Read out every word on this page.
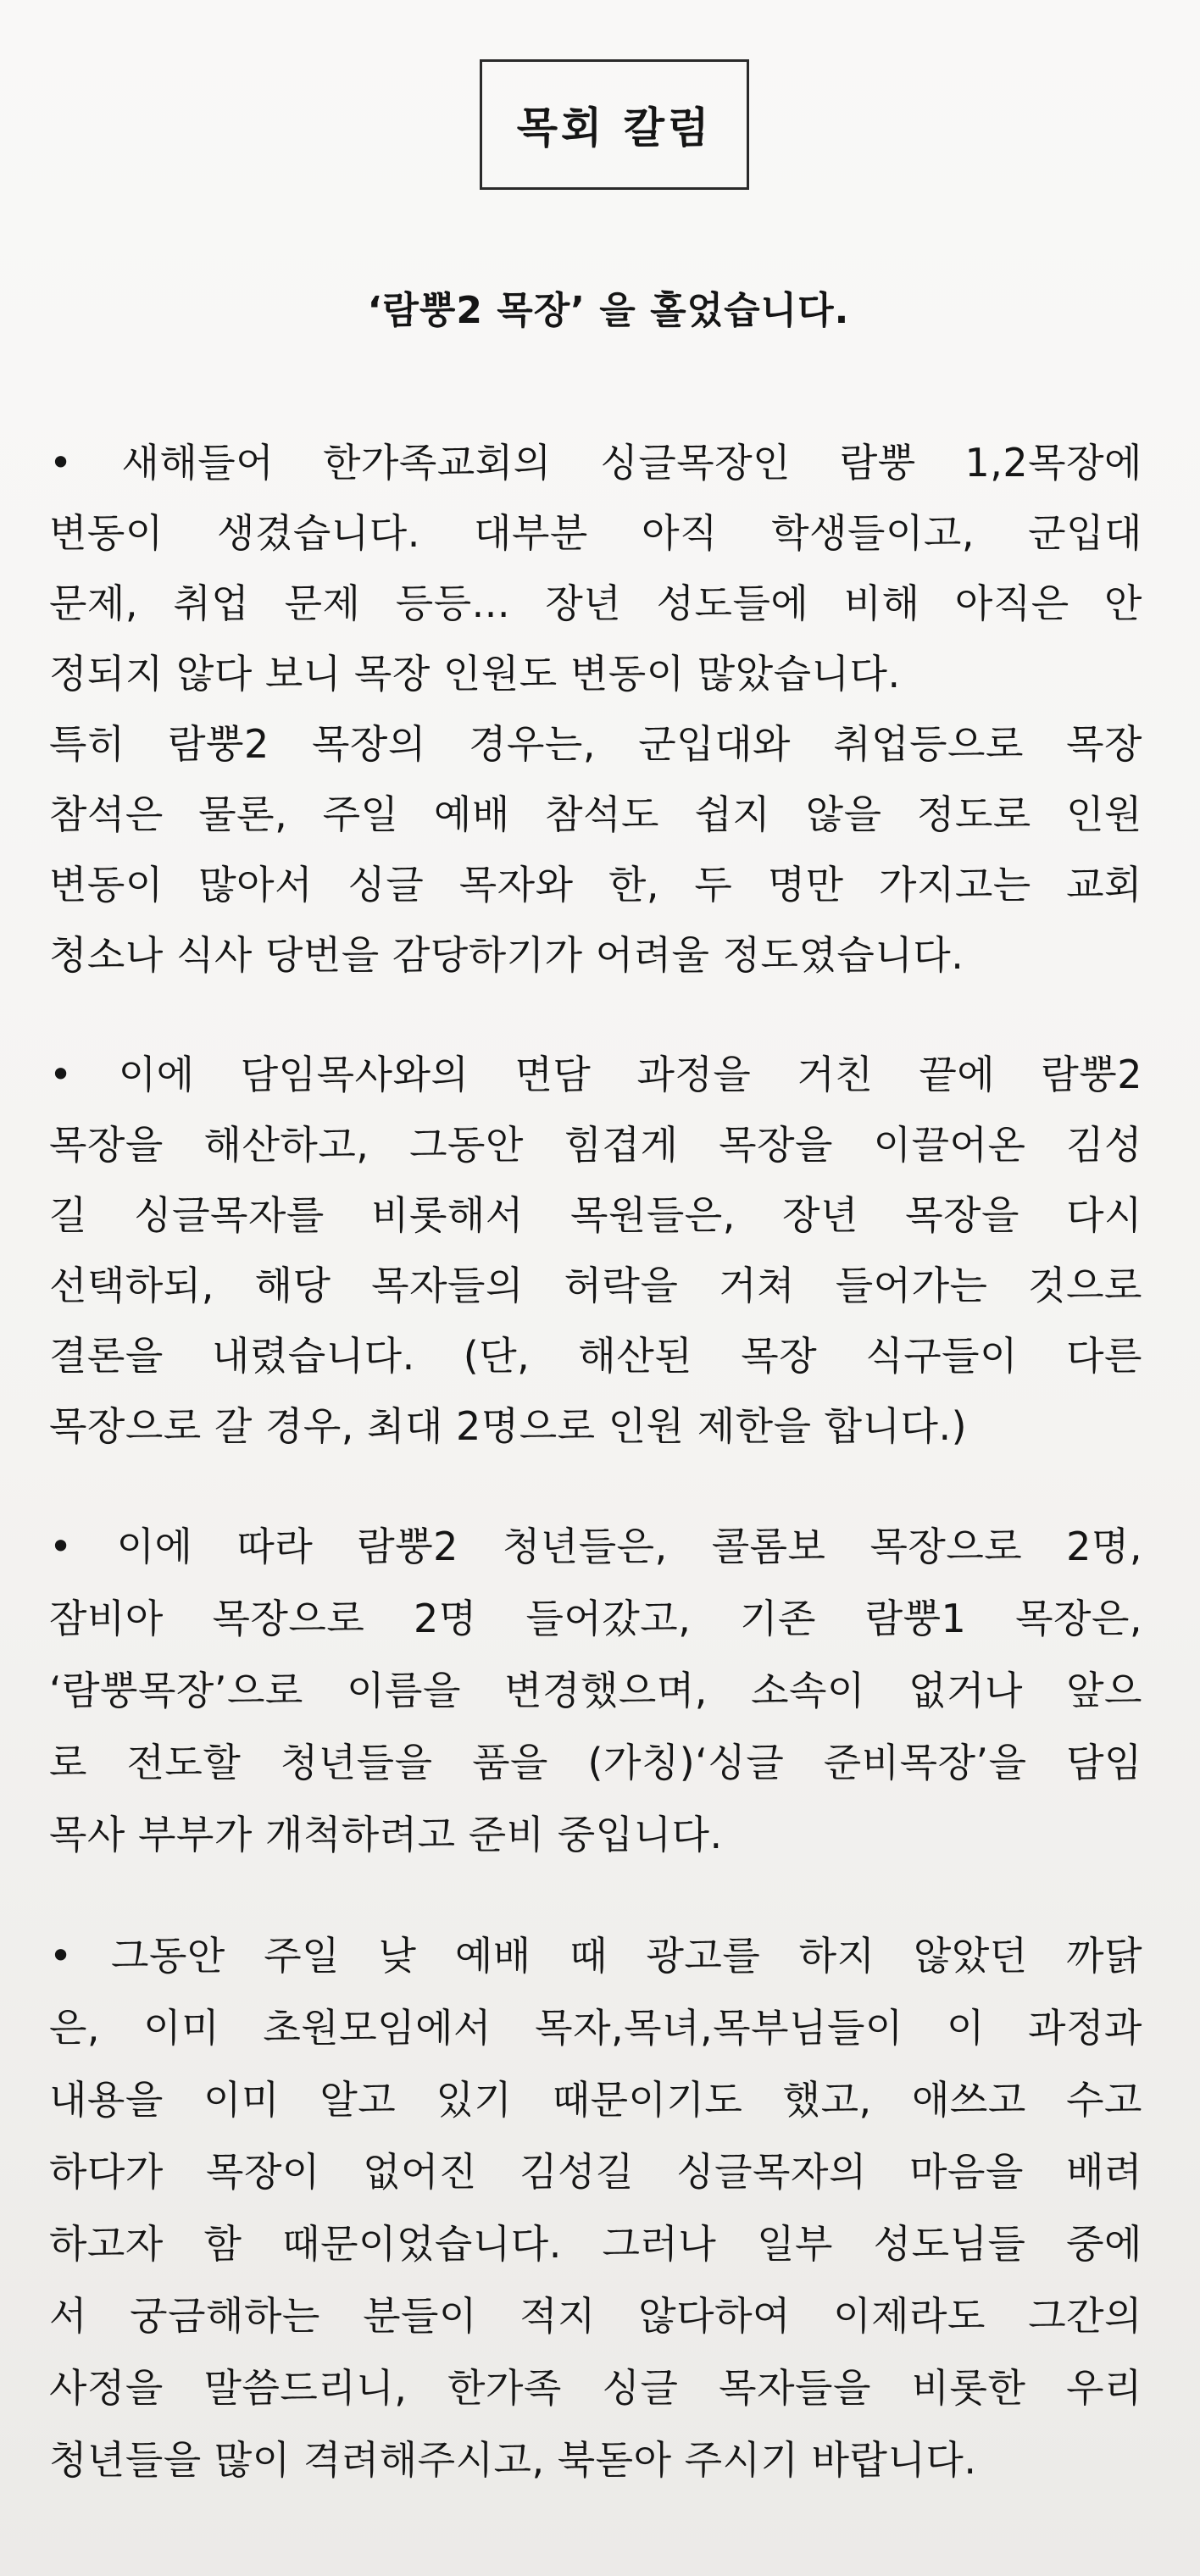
목회 칼럼
‘람뿡2 목장’ 을 홀었습니다.
• 새해들어 한가족교회의 싱글목장인 람뿡 1,2목장에
변동이 생겼습니다. 대부분 아직 학생들이고, 군입대
문제, 취업 문제 등등... 장년 성도들에 비해 아직은 안
정되지 않다 보니 목장 인원도 변동이 많았습니다.
특히 람뿡2 목장의 경우는, 군입대와 취업등으로 목장
참석은 물론, 주일 예배 참석도 쉽지 않을 정도로 인원
변동이 많아서 싱글 목자와 한, 두 명만 가지고는 교회
청소나 식사 당번을 감당하기가 어려울 정도였습니다.
• 이에 담임목사와의 면담 과정을 거친 끝에 람뿡2
목장을 해산하고, 그동안 힘겹게 목장을 이끌어온 김성
길 싱글목자를 비롯해서 목원들은, 장년 목장을 다시
선택하되, 해당 목자들의 허락을 거쳐 들어가는 것으로
결론을 내렸습니다. (단, 해산된 목장 식구들이 다른
목장으로 갈 경우, 최대 2명으로 인원 제한을 합니다.)
• 이에 따라 람뿡2 청년들은, 콜롬보 목장으로 2명,
잠비아 목장으로 2명 들어갔고, 기존 람뿡1 목장은,
‘람뿡목장’으로 이름을 변경했으며, 소속이 없거나 앞으
로 전도할 청년들을 품을 (가칭)‘싱글 준비목장’을 담임
목사 부부가 개척하려고 준비 중입니다.
• 그동안 주일 낮 예배 때 광고를 하지 않았던 까닭
은, 이미 초원모임에서 목자,목녀,목부님들이 이 과정과
내용을 이미 알고 있기 때문이기도 했고, 애쓰고 수고
하다가 목장이 없어진 김성길 싱글목자의 마음을 배려
하고자 함 때문이었습니다. 그러나 일부 성도님들 중에
서 궁금해하는 분들이 적지 않다하여 이제라도 그간의
사정을 말씀드리니, 한가족 싱글 목자들을 비롯한 우리
청년들을 많이 격려해주시고, 북돋아 주시기 바랍니다.
